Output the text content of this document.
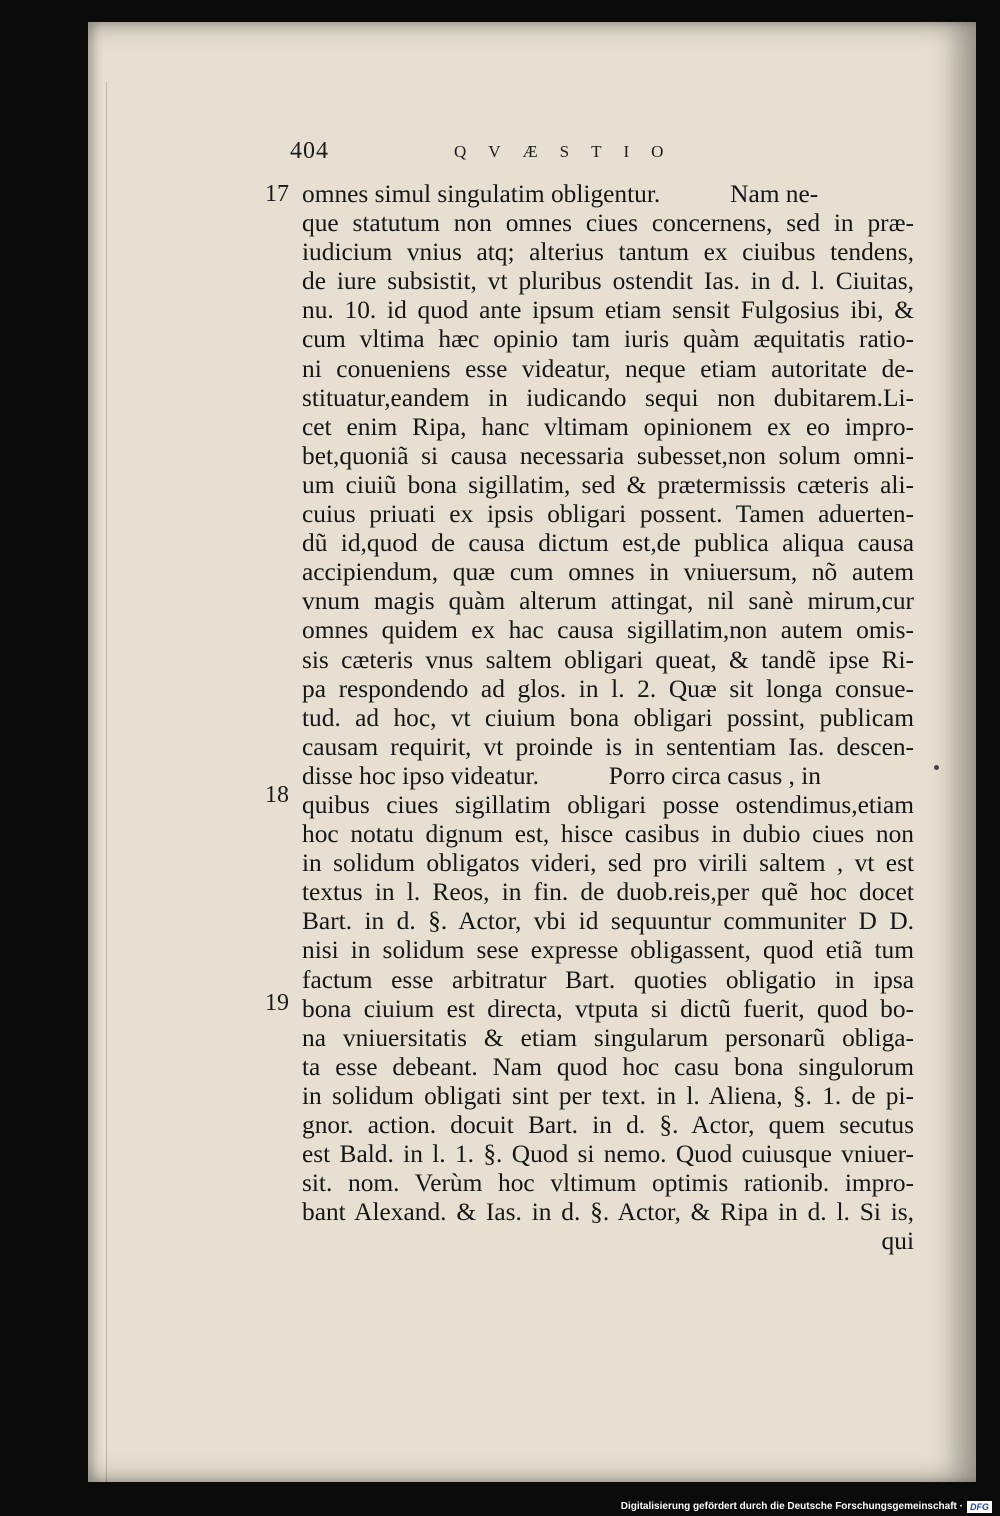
404	QVÆSTIO
17
18
19
omnes simul singulatim obligentur.           Nam ne-
que statutum non omnes ciues concernens, sed in præ-
iudicium vnius atq; alterius tantum ex ciuibus tendens,
de iure subsistit, vt pluribus ostendit Ias. in d. l. Ciuitas,
nu. 10. id quod ante ipsum etiam sensit Fulgosius ibi, &
cum vltima hæc opinio tam iuris quàm æquitatis ratio-
ni conueniens esse videatur, neque etiam autoritate de-
stituatur,eandem in iudicando sequi non dubitarem.Li-
cet enim Ripa, hanc vltimam opinionem ex eo impro-
bet,quoniã si causa necessaria subesset,non solum omni-
um ciuiũ bona sigillatim, sed & prætermissis cæteris ali-
cuius priuati ex ipsis obligari possent. Tamen aduerten-
dũ id,quod de causa dictum est,de publica aliqua causa
accipiendum, quæ cum omnes in vniuersum, nõ autem
vnum magis quàm alterum attingat, nil sanè mirum,cur
omnes quidem ex hac causa sigillatim,non autem omis-
sis cæteris vnus saltem obligari queat, & tandẽ ipse Ri-
pa respondendo ad glos. in l. 2. Quæ sit longa consue-
tud. ad hoc, vt ciuium bona obligari possint, publicam
causam requirit, vt proinde is in sententiam Ias. descen-
disse hoc ipso videatur.           Porro circa casus , in
quibus ciues sigillatim obligari posse ostendimus,etiam
hoc notatu dignum est, hisce casibus in dubio ciues non
in solidum obligatos videri, sed pro virili saltem , vt est
textus in l. Reos, in fin. de duob.reis,per quẽ hoc docet
Bart. in d. §. Actor, vbi id sequuntur communiter D D.
nisi in solidum sese expresse obligassent, quod etiã tum
factum esse arbitratur Bart. quoties obligatio in ipsa
bona ciuium est directa, vtputa si dictũ fuerit, quod bo-
na vniuersitatis & etiam singularum personarũ obliga-
ta esse debeant. Nam quod hoc casu bona singulorum
in solidum obligati sint per text. in l. Aliena, §. 1. de pi-
gnor. action. docuit Bart. in d. §. Actor, quem secutus
est Bald. in l. 1. §. Quod si nemo. Quod cuiusque vniuer-
sit. nom. Verùm hoc vltimum optimis rationib. impro-
bant Alexand. & Ias. in d. §. Actor, & Ripa in d. l. Si is,
qui
Digitalisierung gefördert durch die Deutsche Forschungsgemeinschaft · DFG
